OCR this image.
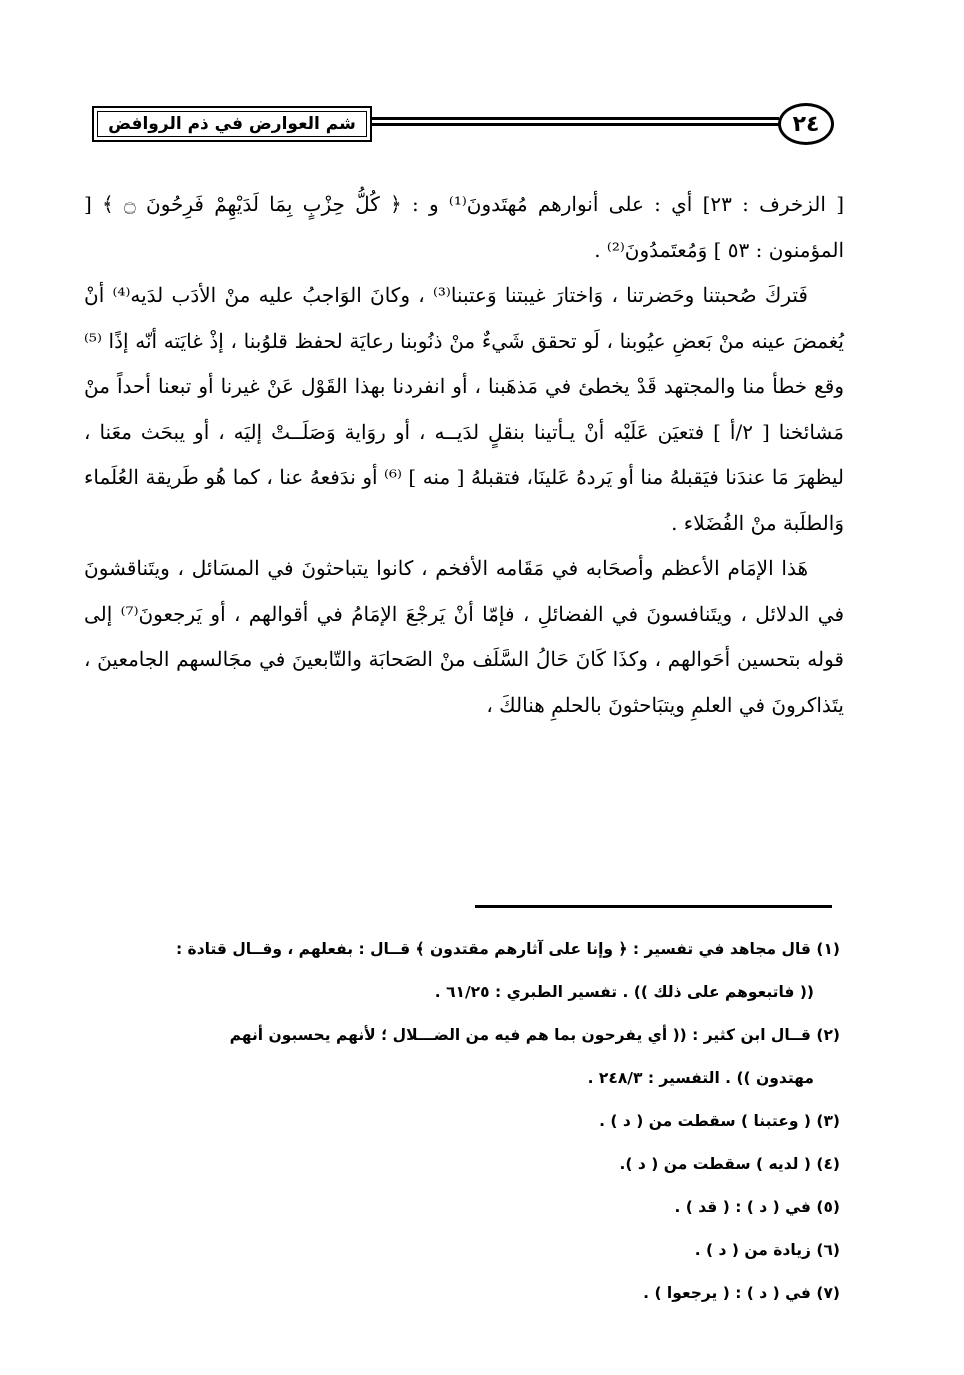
شم العوارض في ذم الروافض	٢٤

[ الزخرف : ٢٣] أي : على أنوارهم مُهتَدونَ⁽¹⁾ و : ﴿ كُلُّ حِزْبٍ بِمَا لَدَيْهِمْ فَرِحُونَ ۝ ﴾ [ المؤمنون : ٥٣ ] وَمُعتَمدُونَ⁽²⁾ .

فَتركَ صُحبتنا وحَضرتنا ، وَاختارَ غيبتنا وَعتبنا⁽³⁾ ، وكانَ الوَاجبُ عليه منْ الأدَب لدَيه⁽⁴⁾ أنْ يُغمضَ عينه منْ بَعضِ عيُوبنا ، لَو تحقق شَيءٌ منْ ذنُوبنا رعايَة لحفظ قلوُبنا ، إذْ غايَته أنّه إذًا ⁽⁵⁾ وقع خطأ منا والمجتهد قَدْ يخطئ في مَذهَبنا ، أو انفردنا بهذا القَوْل عَنْ غيرنا أو تبعنا أحداً منْ مَشائخنا [ ٢/أ ] فتعيَن عَلَيْه أنْ يـأتينا بنقلٍ لدَيــه ، أو روَاية وَصَلَــتْ إليَه ، أو يبحَث معَنا ، ليظهرَ مَا عندَنا فيَقبلهُ منا أو يَردهُ عَلينَا، فتقبلهُ [ منه ] ⁽⁶⁾ أو ندَفعهُ عنا ، كما هُو طَريقة العُلَماء وَالطلَبة منْ الفُضَلاء .

هَذا الإمَام الأعظم وأصحَابه في مَقَامه الأفخم ، كانوا يتباحثونَ في المسَائل ، ويتَناقشونَ في الدلائل ، ويتَنافسونَ في الفضائلِ ، فإمّا أنْ يَرجْعَ الإمَامُ في أقوالهم ، أو يَرجعونَ⁽⁷⁾ إلى قوله بتحسين أحَوالهم ، وكذَا كَانَ حَالُ السَّلَف منْ الصَحابَة والتّابعينَ في مجَالسهم الجامعينَ ، يتَذاكرونَ في العلمِ ويتبَاحثونَ بالحلمِ هنالكَ ،

(١) قال مجاهد في تفسير : ﴿ وإنا على آثارهم مقتدون ﴾ قــال : بفعلهم ، وقــال قتادة :

(( فاتبعوهم على ذلك )) . تفسير الطبري : ٦١/٢٥ .

(٢) قــال ابن كثير : (( أي يفرحون بما هم فيه من الضـــلال ؛ لأنهم يحسبون أنهم

مهتدون )) . التفسير : ٢٤٨/٣ .

(٣) ( وعتبنا ) سقطت من ( د ) .

(٤) ( لديه ) سقطت من ( د ).

(٥) في ( د ) : ( قد ) .

(٦) زيادة من ( د ) .

(٧) في ( د ) : ( يرجعوا ) .
